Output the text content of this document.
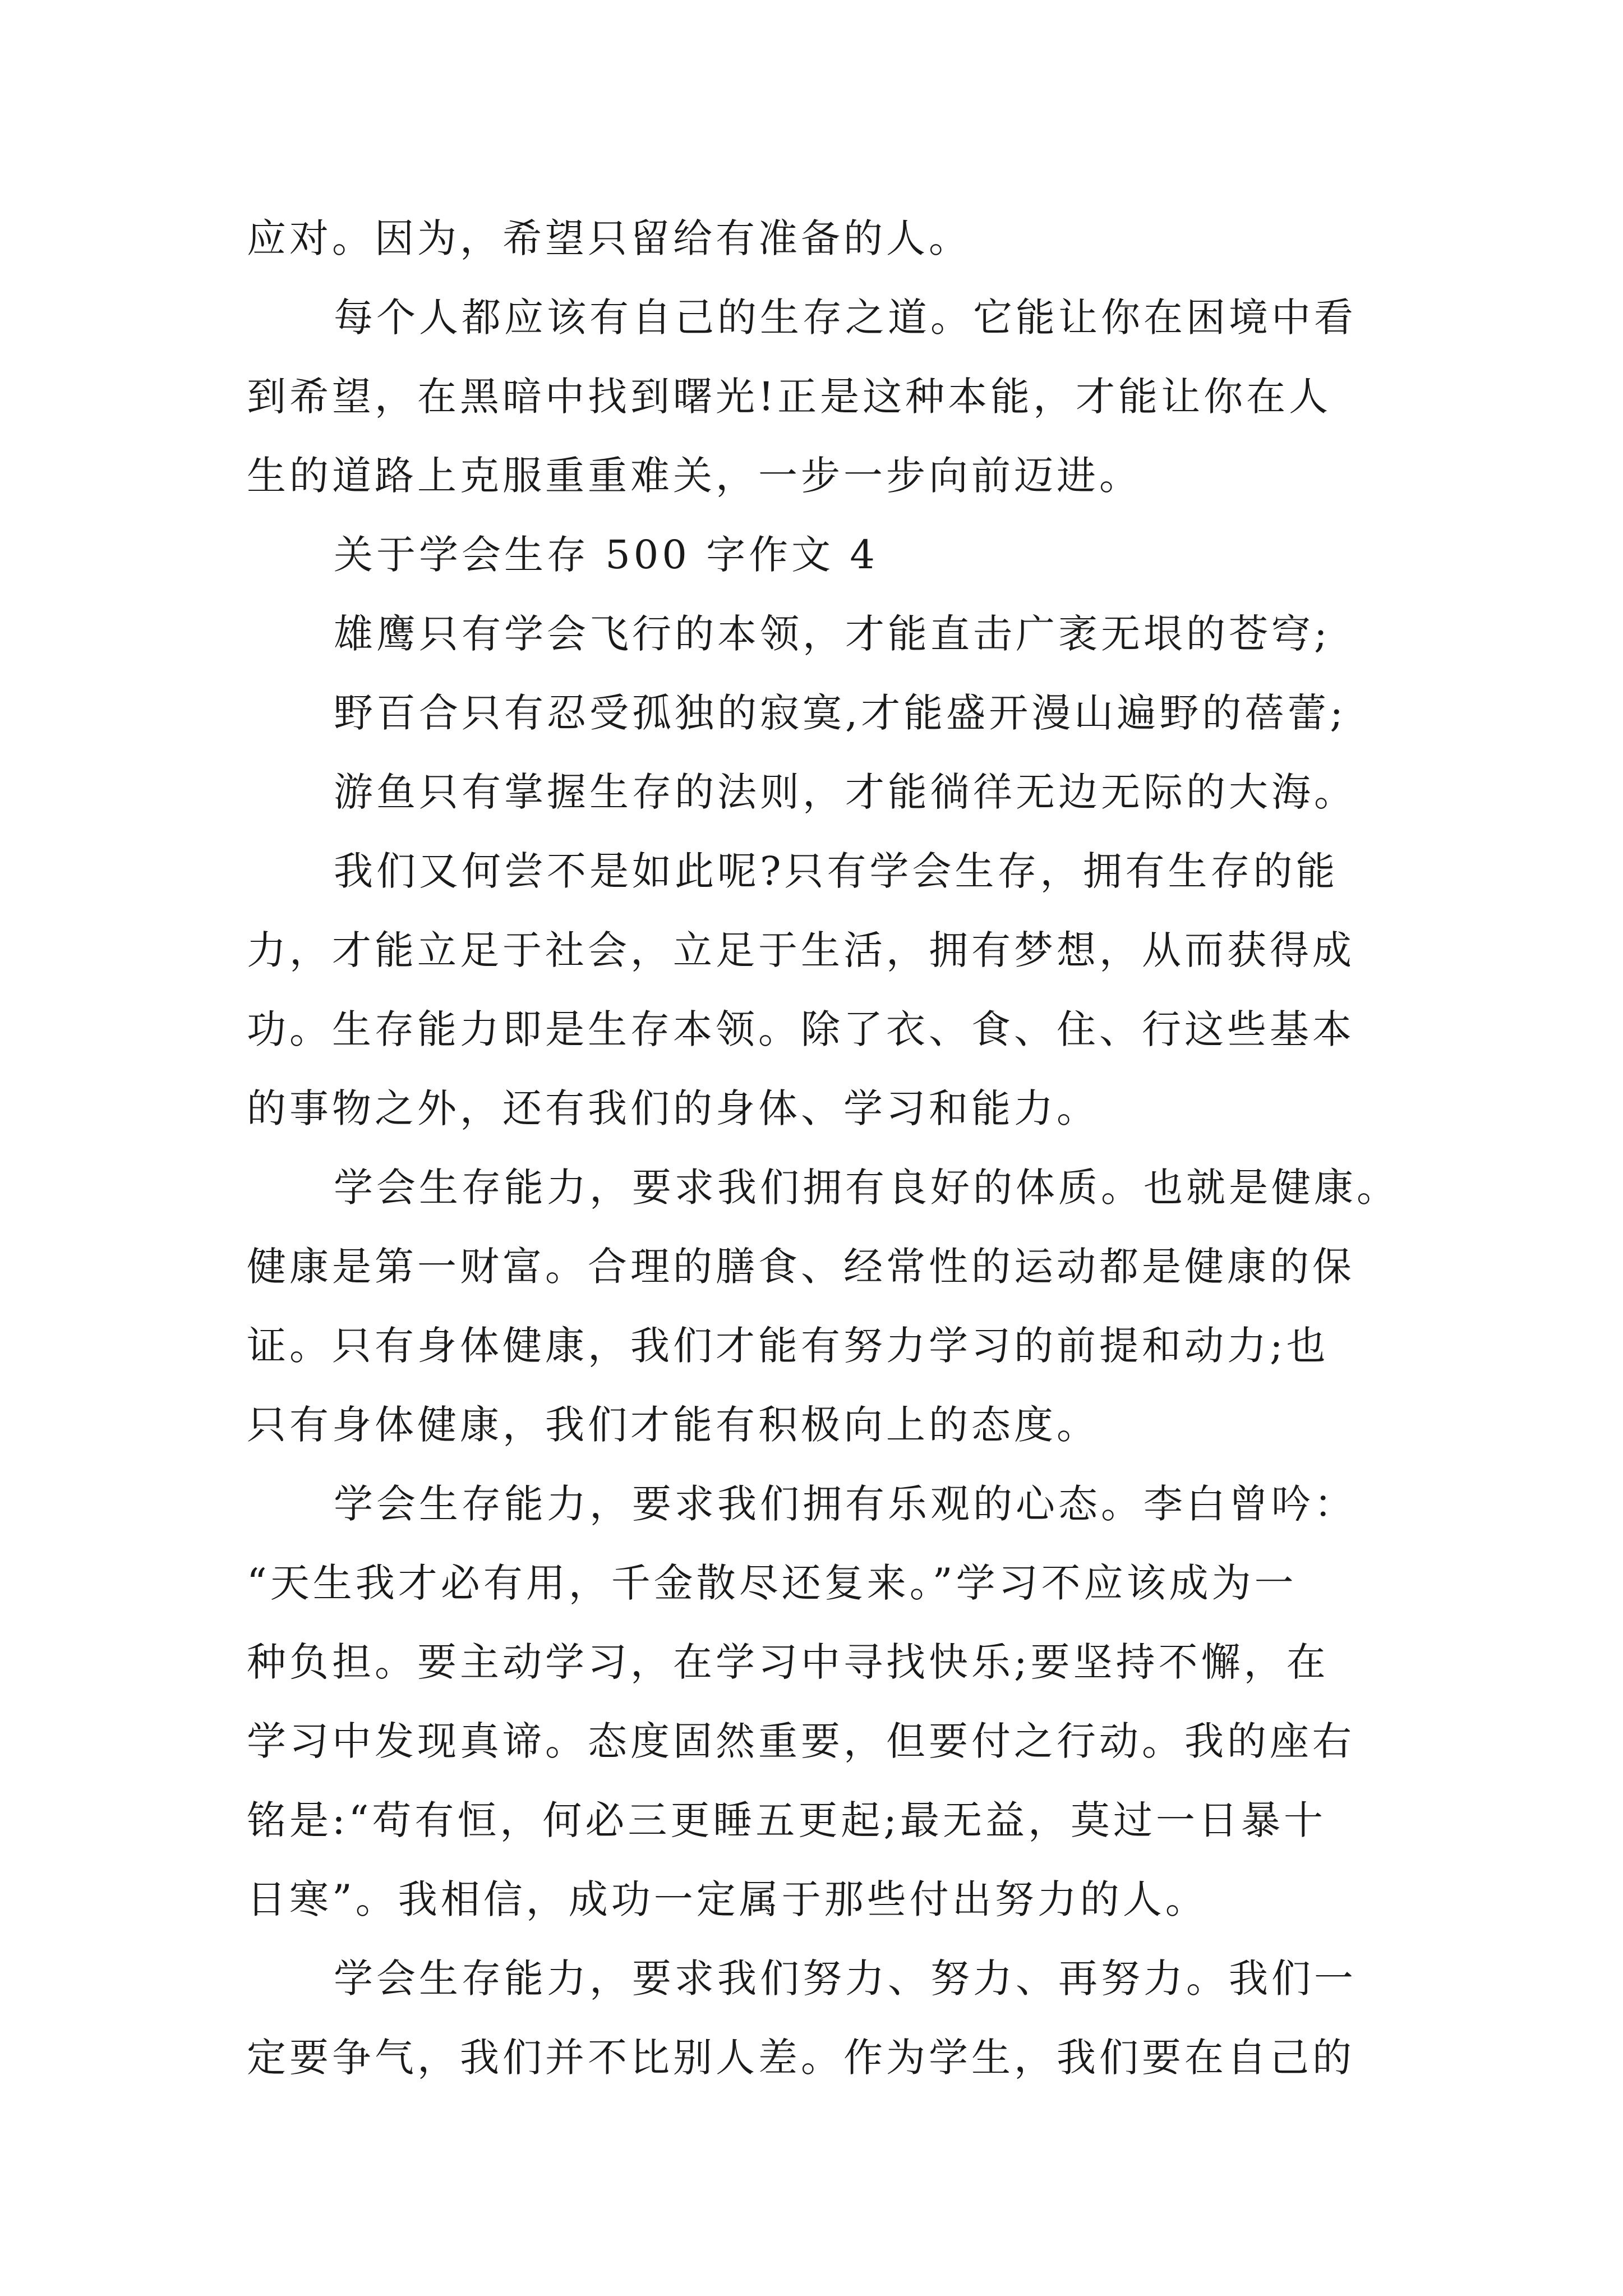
应对。因为，希望只留给有准备的人。

每个人都应该有自己的生存之道。它能让你在困境中看
到希望，在黑暗中找到曙光!正是这种本能，才能让你在人
生的道路上克服重重难关，一步一步向前迈进。

关于学会生存 500 字作文 4

雄鹰只有学会飞行的本领，才能直击广袤无垠的苍穹;

野百合只有忍受孤独的寂寞,才能盛开漫山遍野的蓓蕾;

游鱼只有掌握生存的法则，才能徜徉无边无际的大海。

我们又何尝不是如此呢?只有学会生存，拥有生存的能
力，才能立足于社会，立足于生活，拥有梦想，从而获得成
功。生存能力即是生存本领。除了衣、食、住、行这些基本
的事物之外，还有我们的身体、学习和能力。

学会生存能力，要求我们拥有良好的体质。也就是健康。
健康是第一财富。合理的膳食、经常性的运动都是健康的保
证。只有身体健康，我们才能有努力学习的前提和动力;也
只有身体健康，我们才能有积极向上的态度。

学会生存能力，要求我们拥有乐观的心态。李白曾吟：
“天生我才必有用，千金散尽还复来。”学习不应该成为一
种负担。要主动学习，在学习中寻找快乐;要坚持不懈，在
学习中发现真谛。态度固然重要，但要付之行动。我的座右
铭是:“苟有恒，何必三更睡五更起;最无益，莫过一日暴十
日寒”。我相信，成功一定属于那些付出努力的人。

学会生存能力，要求我们努力、努力、再努力。我们一
定要争气，我们并不比别人差。作为学生，我们要在自己的
